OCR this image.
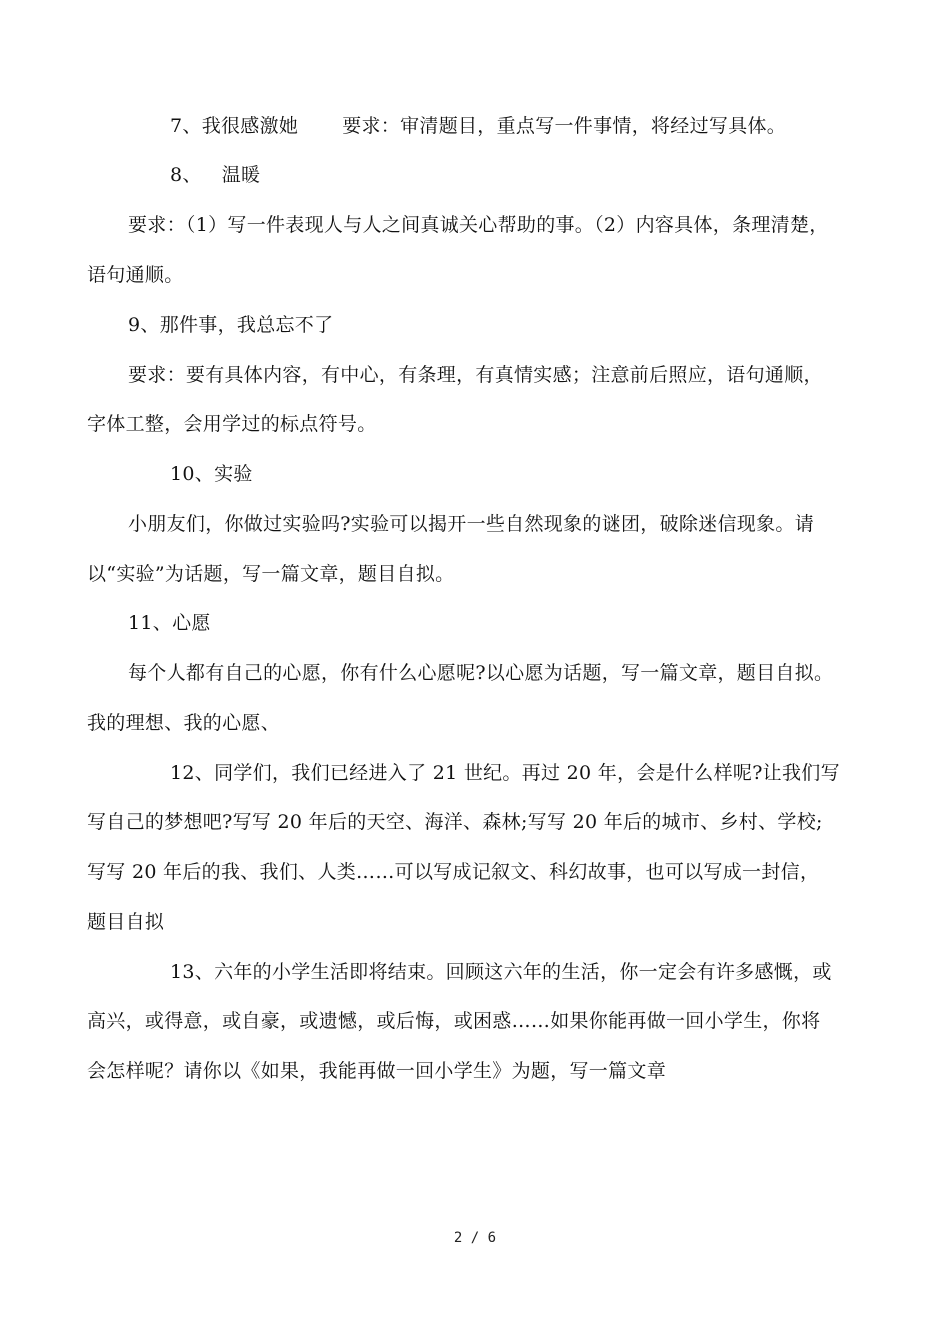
7、我很感激她 要求：审清题目，重点写一件事情，将经过写具体。
8、 温暖
要求：（1）写一件表现人与人之间真诚关心帮助的事。（2）内容具体，条理清楚，
语句通顺。
9、那件事，我总忘不了
要求：要有具体内容，有中心，有条理，有真情实感；注意前后照应，语句通顺，
字体工整，会用学过的标点符号。
10、实验
小朋友们，你做过实验吗?实验可以揭开一些自然现象的谜团，破除迷信现象。请
以“实验”为话题，写一篇文章，题目自拟。
11、心愿
每个人都有自己的心愿，你有什么心愿呢?以心愿为话题，写一篇文章，题目自拟。
我的理想、我的心愿、
12、同学们，我们已经进入了 21 世纪。再过 20 年，会是什么样呢?让我们写
写自己的梦想吧?写写 20 年后的天空、海洋、森林;写写 20 年后的城市、乡村、学校;
写写 20 年后的我、我们、人类……可以写成记叙文、科幻故事，也可以写成一封信，
题目自拟
13、六年的小学生活即将结束。回顾这六年的生活，你一定会有许多感慨，或
高兴，或得意，或自豪，或遗憾，或后悔，或困惑……如果你能再做一回小学生，你将
会怎样呢？请你以《如果，我能再做一回小学生》为题，写一篇文章
2 / 6
